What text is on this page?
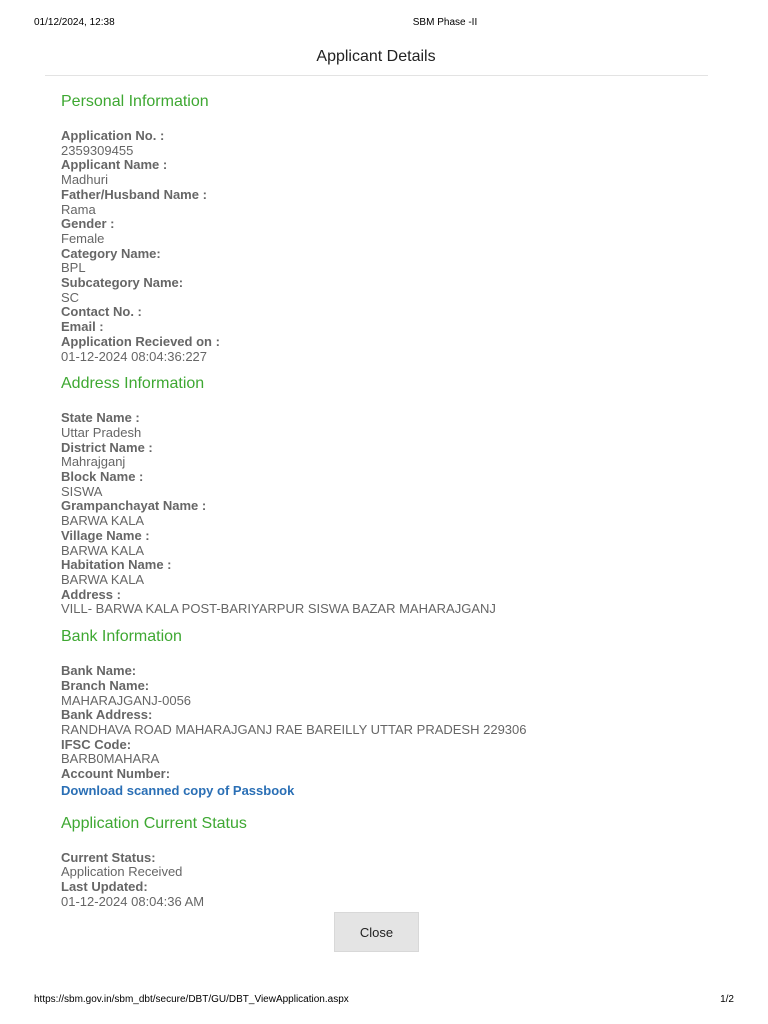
01/12/2024, 12:38	SBM Phase -II
Applicant Details
Personal Information
Application No. :
2359309455
Applicant Name :
Madhuri
Father/Husband Name :
Rama
Gender :
Female
Category Name:
BPL
Subcategory Name:
SC
Contact No. :
Email :
Application Recieved on :
01-12-2024 08:04:36:227
Address Information
State Name :
Uttar Pradesh
District Name :
Mahrajganj
Block Name :
SISWA
Grampanchayat Name :
BARWA KALA
Village Name :
BARWA KALA
Habitation Name :
BARWA KALA
Address :
VILL- BARWA KALA POST-BARIYARPUR SISWA BAZAR MAHARAJGANJ
Bank Information
Bank Name:
Branch Name:
MAHARAJGANJ-0056
Bank Address:
RANDHAVA ROAD MAHARAJGANJ RAE BAREILLY UTTAR PRADESH 229306
IFSC Code:
BARB0MAHARA
Account Number:
Download scanned copy of Passbook
Application Current Status
Current Status:
Application Received
Last Updated:
01-12-2024 08:04:36 AM
Close
https://sbm.gov.in/sbm_dbt/secure/DBT/GU/DBT_ViewApplication.aspx	1/2
